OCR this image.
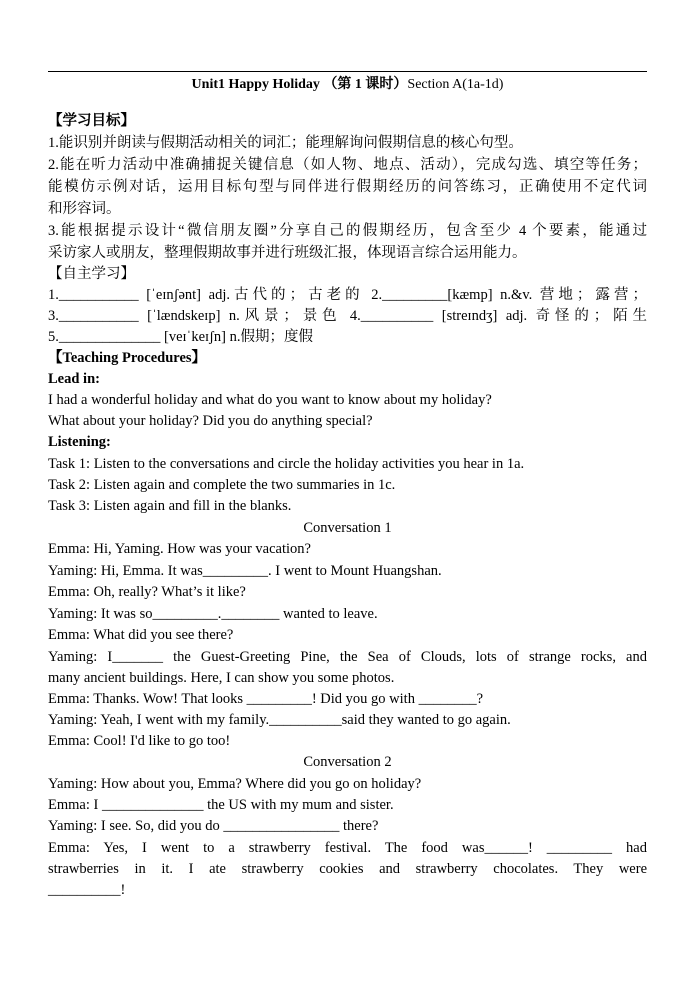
Unit1 Happy Holiday （第 1 课时）Section A(1a-1d)
【学习目标】
1.能识别并朗读与假期活动相关的词汇；能理解询问假期信息的核心句型。
2.能在听力活动中准确捕捉关键信息（如人物、地点、活动），完成勾选、填空等任务；
能模仿示例对话，运用目标句型与同伴进行假期经历的问答练习，正确使用不定代词
和形容词。
3.能根据提示设计“微信朋友圈”分享自己的假期经历，包含至少 4 个要素，能通过
采访家人或朋友，整理假期故事并进行班级汇报，体现语言综合运用能力。
【自主学习】
1.___________ [ˈeɪnʃənt] adj.古代的；古老的 2._________[kæmp] n.&v. 营地；露营；
3.___________ [ˈlændskeɪp] n.风景；景色 4.__________ [streɪndʒ] adj. 奇怪的；陌生
5.______________ [veɪˈkeɪʃn] n.假期；度假
【Teaching Procedures】
Lead in:
I had a wonderful holiday and what do you want to know about my holiday?
What about your holiday? Did you do anything special?
Listening:
Task 1: Listen to the conversations and circle the holiday activities you hear in 1a.
Task 2: Listen again and complete the two summaries in 1c.
Task 3: Listen again and fill in the blanks.
Conversation 1
Emma: Hi, Yaming. How was your vacation?
Yaming: Hi, Emma. It was_________. I went to Mount Huangshan.
Emma: Oh, really? What’s it like?
Yaming: It was so_________.________ wanted to leave.
Emma: What did you see there?
Yaming: I_______ the Guest-Greeting Pine, the Sea of Clouds, lots of strange rocks, and
many ancient buildings. Here, I can show you some photos.
Emma: Thanks. Wow! That looks _________! Did you go with ________?
Yaming: Yeah, I went with my family.__________said they wanted to go again.
Emma: Cool! I'd like to go too!
Conversation 2
Yaming: How about you, Emma? Where did you go on holiday?
Emma: I ______________ the US with my mum and sister.
Yaming: I see. So, did you do ________________ there?
Emma: Yes, I went to a strawberry festival. The food was______! _________ had
strawberries in it. I ate strawberry cookies and strawberry chocolates. They were
__________!
